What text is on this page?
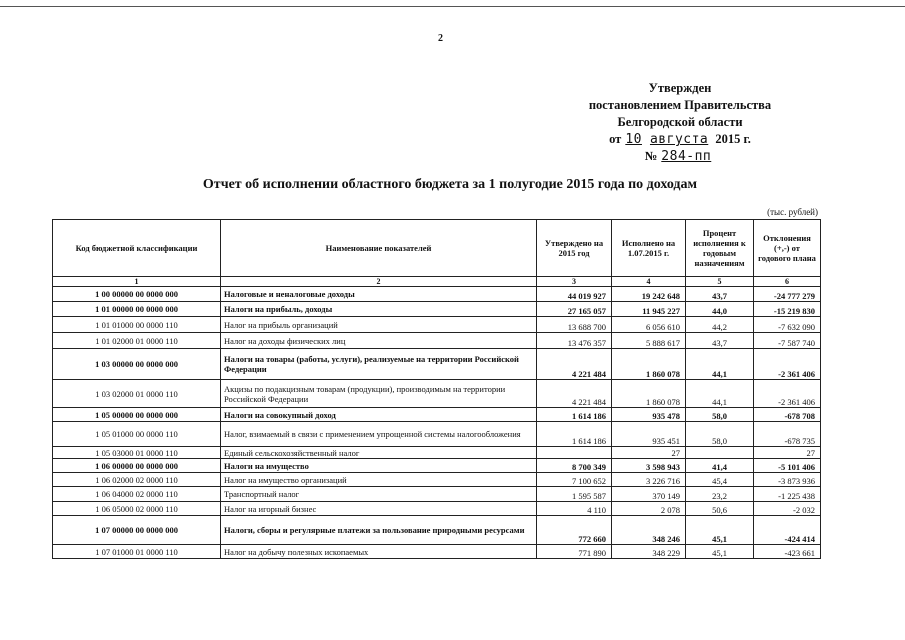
2
Утвержден
постановлением Правительства
Белгородской области
от 10 августа 2015 г.
№ 284-пп
Отчет об исполнении областного бюджета за 1 полугодие 2015 года по доходам
(тыс. рублей)
Код бюджетной классификации	Наименование показателей	Утверждено на 2015 год	Исполнено на 1.07.2015 г.	Процент исполнения к годовым назначениям	Отклонения (+,-) от годового плана
1	2	3	4	5	6
1 00 00000 00 0000 000	Налоговые и неналоговые доходы	44 019 927	19 242 648	43,7	-24 777 279
1 01 00000 00 0000 000	Налоги на прибыль, доходы	27 165 057	11 945 227	44,0	-15 219 830
1 01 01000 00 0000 110	Налог на прибыль организаций	13 688 700	6 056 610	44,2	-7 632 090
1 01 02000 01 0000 110	Налог на доходы физических лиц	13 476 357	5 888 617	43,7	-7 587 740
1 03 00000 00 0000 000	Налоги на товары (работы, услуги), реализуемые на территории Российской Федерации	4 221 484	1 860 078	44,1	-2 361 406
1 03 02000 01 0000 110	Акцизы по подакцизным товарам (продукции), производимым на территории Российской Федерации	4 221 484	1 860 078	44,1	-2 361 406
1 05 00000 00 0000 000	Налоги на совокупный доход	1 614 186	935 478	58,0	-678 708
1 05 01000 00 0000 110	Налог, взимаемый в связи с применением упрощенной системы налогообложения	1 614 186	935 451	58,0	-678 735
1 05 03000 01 0000 110	Единый сельскохозяйственный налог		27		27
1 06 00000 00 0000 000	Налоги на имущество	8 700 349	3 598 943	41,4	-5 101 406
1 06 02000 02 0000 110	Налог на имущество организаций	7 100 652	3 226 716	45,4	-3 873 936
1 06 04000 02 0000 110	Транспортный налог	1 595 587	370 149	23,2	-1 225 438
1 06 05000 02 0000 110	Налог на игорный бизнес	4 110	2 078	50,6	-2 032
1 07 00000 00 0000 000	Налоги, сборы и регулярные платежи за пользование природными ресурсами	772 660	348 246	45,1	-424 414
1 07 01000 01 0000 110	Налог на добычу полезных ископаемых	771 890	348 229	45,1	-423 661
